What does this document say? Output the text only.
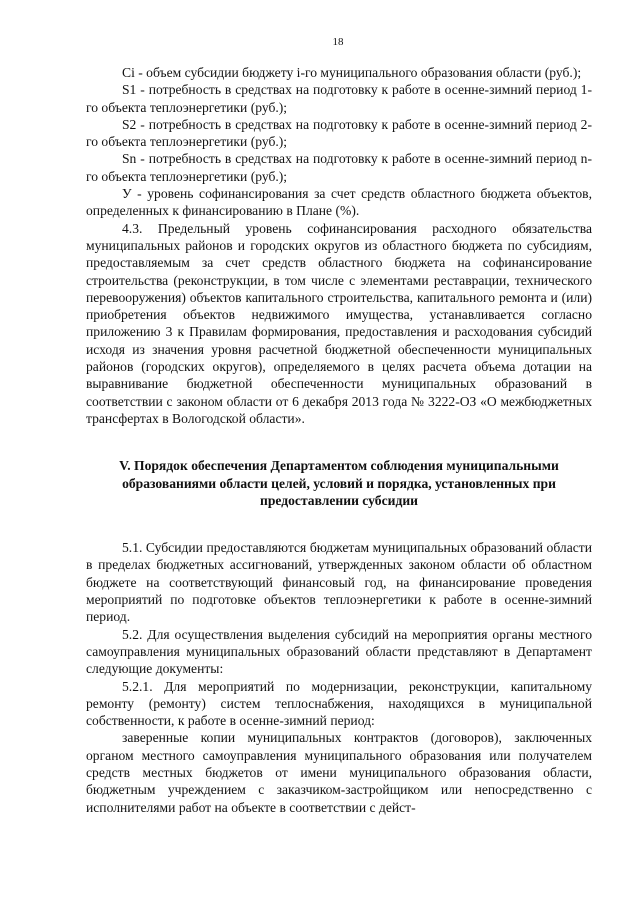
18

Ci - объем субсидии бюджету i-го муниципального образования области (руб.);

S1 - потребность в средствах на подготовку к работе в осенне-зимний период 1-го объекта теплоэнергетики (руб.);

S2 - потребность в средствах на подготовку к работе в осенне-зимний период 2-го объекта теплоэнергетики (руб.);

Sn - потребность в средствах на подготовку к работе в осенне-зимний период n-го объекта теплоэнергетики (руб.);

У - уровень софинансирования за счет средств областного бюджета объектов, определенных к финансированию в Плане (%).

4.3. Предельный уровень софинансирования расходного обязательства муниципальных районов и городских округов из областного бюджета по субсидиям, предоставляемым за счет средств областного бюджета на софинансирование строительства (реконструкции, в том числе с элементами реставрации, технического перевооружения) объектов капитального строительства, капитального ремонта и (или) приобретения объектов недвижимого имущества, устанавливается согласно приложению 3 к Правилам формирования, предоставления и расходования субсидий исходя из значения уровня расчетной бюджетной обеспеченности муниципальных районов (городских округов), определяемого в целях расчета объема дотации на выравнивание бюджетной обеспеченности муниципальных образований в соответствии с законом области от 6 декабря 2013 года № 3222-ОЗ «О межбюджетных трансфертах в Вологодской области».

V. Порядок обеспечения Департаментом соблюдения муниципальными образованиями области целей, условий и порядка, установленных при предоставлении субсидии

5.1. Субсидии предоставляются бюджетам муниципальных образований области в пределах бюджетных ассигнований, утвержденных законом области об областном бюджете на соответствующий финансовый год, на финансирование проведения мероприятий по подготовке объектов теплоэнергетики к работе в осенне-зимний период.

5.2. Для осуществления выделения субсидий на мероприятия органы местного самоуправления муниципальных образований области представляют в Департамент следующие документы:

5.2.1. Для мероприятий по модернизации, реконструкции, капитальному ремонту (ремонту) систем теплоснабжения, находящихся в муниципальной собственности, к работе в осенне-зимний период:

заверенные копии муниципальных контрактов (договоров), заключенных органом местного самоуправления муниципального образования или получателем средств местных бюджетов от имени муниципального образования области, бюджетным учреждением с заказчиком-застройщиком или непосредственно с исполнителями работ на объекте в соответствии с дейст-
